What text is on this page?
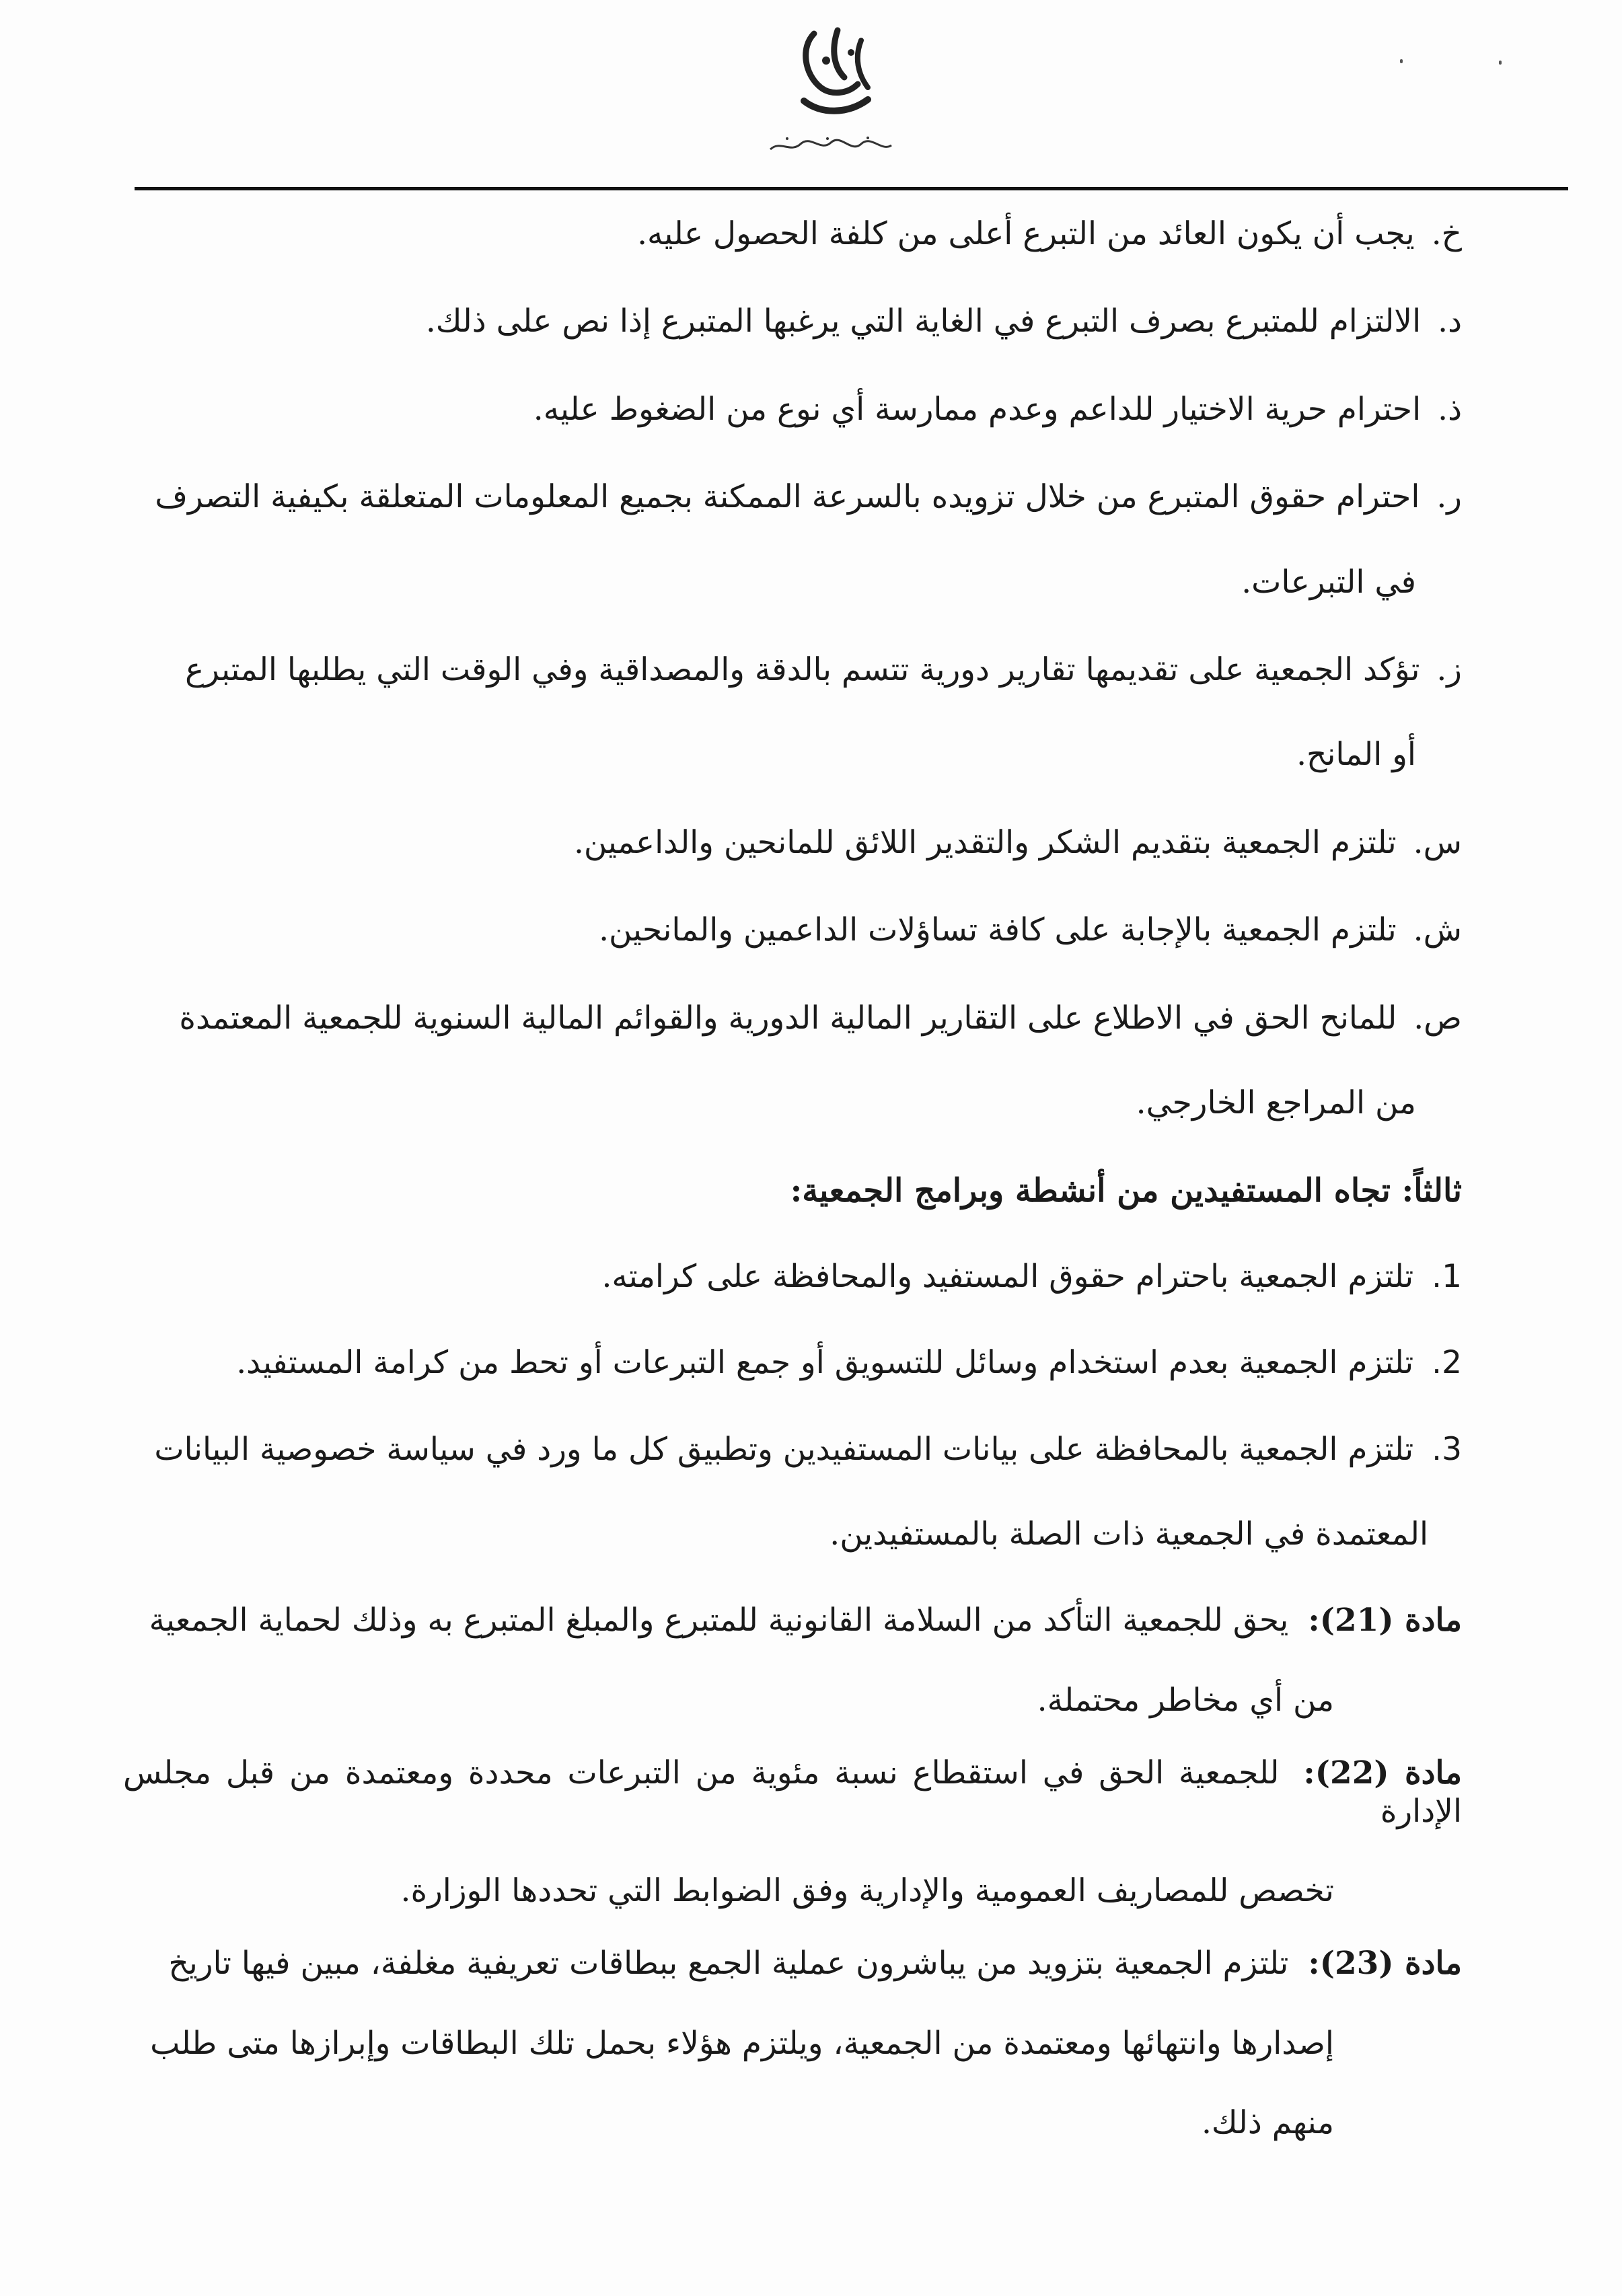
خ. يجب أن يكون العائد من التبرع أعلى من كلفة الحصول عليه.

د. الالتزام للمتبرع بصرف التبرع في الغاية التي يرغبها المتبرع إذا نص على ذلك.

ذ. احترام حرية الاختيار للداعم وعدم ممارسة أي نوع من الضغوط عليه.

ر. احترام حقوق المتبرع من خلال تزويده بالسرعة الممكنة بجميع المعلومات المتعلقة بكيفية التصرف
في التبرعات.

ز. تؤكد الجمعية على تقديمها تقارير دورية تتسم بالدقة والمصداقية وفي الوقت التي يطلبها المتبرع
أو المانح.

س. تلتزم الجمعية بتقديم الشكر والتقدير اللائق للمانحين والداعمين.

ش. تلتزم الجمعية بالإجابة على كافة تساؤلات الداعمين والمانحين.

ص. للمانح الحق في الاطلاع على التقارير المالية الدورية والقوائم المالية السنوية للجمعية المعتمدة
من المراجع الخارجي.

ثالثاً: تجاه المستفيدين من أنشطة وبرامج الجمعية:

1. تلتزم الجمعية باحترام حقوق المستفيد والمحافظة على كرامته.

2. تلتزم الجمعية بعدم استخدام وسائل للتسويق أو جمع التبرعات أو تحط من كرامة المستفيد.

3. تلتزم الجمعية بالمحافظة على بيانات المستفيدين وتطبيق كل ما ورد في سياسة خصوصية البيانات
المعتمدة في الجمعية ذات الصلة بالمستفيدين.

مادة (21): يحق للجمعية التأكد من السلامة القانونية للمتبرع والمبلغ المتبرع به وذلك لحماية الجمعية
من أي مخاطر محتملة.

مادة (22): للجمعية الحق في استقطاع نسبة مئوية من التبرعات محددة ومعتمدة من قبل مجلس الإدارة
تخصص للمصاريف العمومية والإدارية وفق الضوابط التي تحددها الوزارة.

مادة (23): تلتزم الجمعية بتزويد من يباشرون عملية الجمع ببطاقات تعريفية مغلفة، مبين فيها تاريخ
إصدارها وانتهائها ومعتمدة من الجمعية، ويلتزم هؤلاء بحمل تلك البطاقات وإبرازها متى طلب
منهم ذلك.
